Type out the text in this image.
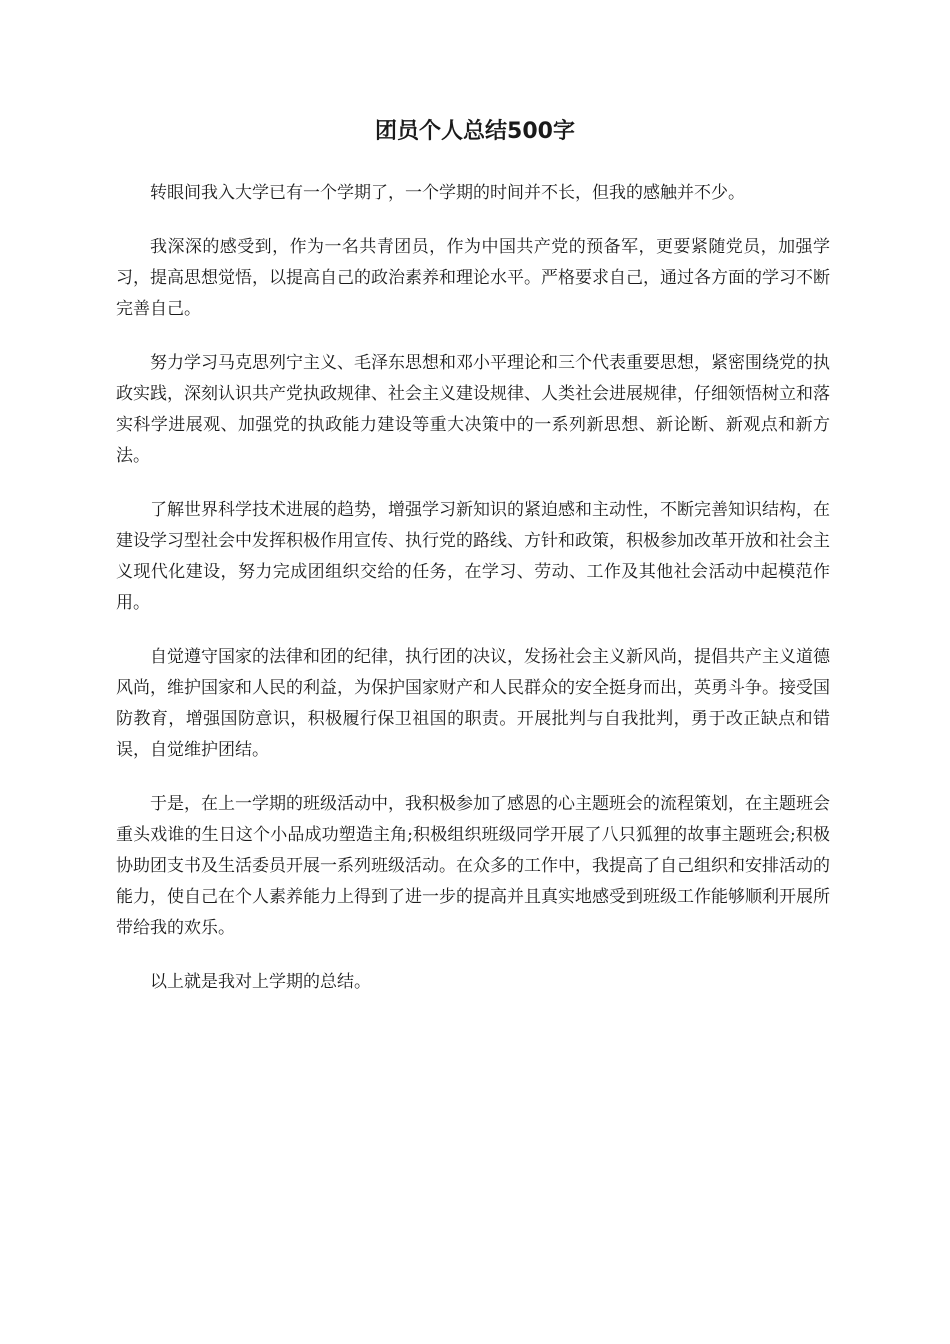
团员个人总结500字

转眼间我入大学已有一个学期了，一个学期的时间并不长，但我的感触并不少。

我深深的感受到，作为一名共青团员，作为中国共产党的预备军，更要紧随党员，加强学习，提高思想觉悟，以提高自己的政治素养和理论水平。严格要求自己，通过各方面的学习不断完善自己。

努力学习马克思列宁主义、毛泽东思想和邓小平理论和三个代表重要思想，紧密围绕党的执政实践，深刻认识共产党执政规律、社会主义建设规律、人类社会进展规律，仔细领悟树立和落实科学进展观、加强党的执政能力建设等重大决策中的一系列新思想、新论断、新观点和新方法。

了解世界科学技术进展的趋势，增强学习新知识的紧迫感和主动性，不断完善知识结构，在建设学习型社会中发挥积极作用宣传、执行党的路线、方针和政策，积极参加改革开放和社会主义现代化建设，努力完成团组织交给的任务，在学习、劳动、工作及其他社会活动中起模范作用。

自觉遵守国家的法律和团的纪律，执行团的决议，发扬社会主义新风尚，提倡共产主义道德风尚，维护国家和人民的利益，为保护国家财产和人民群众的安全挺身而出，英勇斗争。接受国防教育，增强国防意识，积极履行保卫祖国的职责。开展批判与自我批判，勇于改正缺点和错误，自觉维护团结。

于是，在上一学期的班级活动中，我积极参加了感恩的心主题班会的流程策划，在主题班会重头戏谁的生日这个小品成功塑造主角;积极组织班级同学开展了八只狐狸的故事主题班会;积极协助团支书及生活委员开展一系列班级活动。在众多的工作中，我提高了自己组织和安排活动的能力，使自己在个人素养能力上得到了进一步的提高并且真实地感受到班级工作能够顺利开展所带给我的欢乐。

以上就是我对上学期的总结。
